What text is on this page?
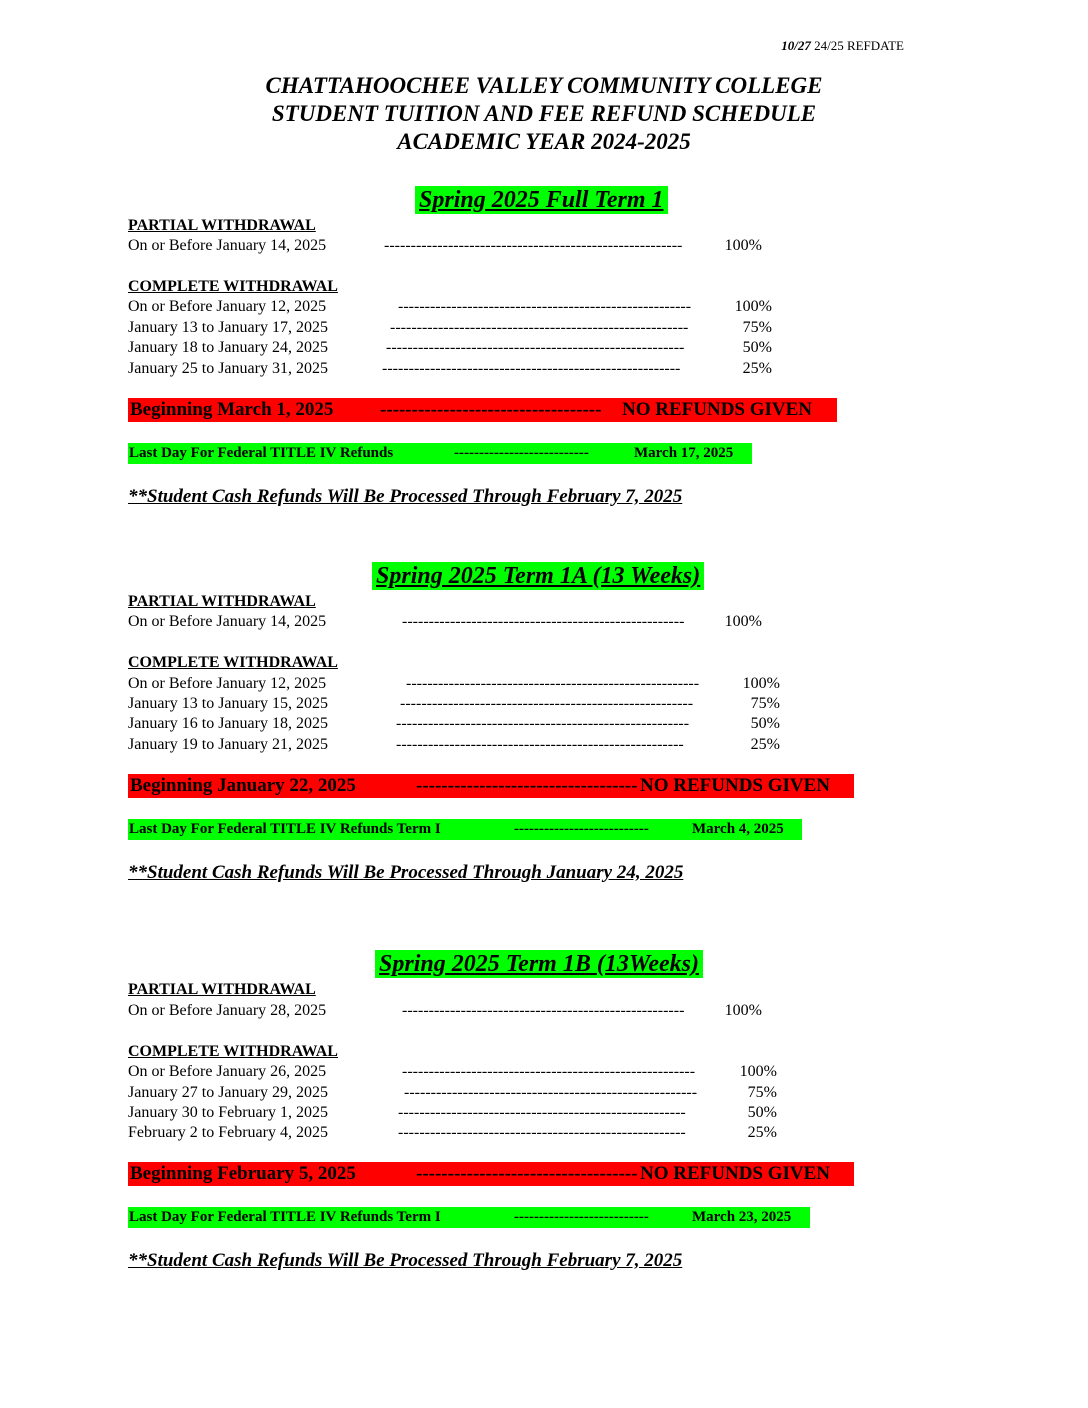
10/27 24/25 REFDATE
CHATTAHOOCHEE VALLEY COMMUNITY COLLEGE
STUDENT TUITION AND FEE REFUND SCHEDULE
ACADEMIC YEAR 2024-2025
Spring 2025 Full Term 1
PARTIAL WITHDRAWAL
On or Before January 14, 2025	--------------------------------------------------------	100%
COMPLETE WITHDRAWAL
On or Before January 12, 2025	-------------------------------------------------------	100%
January 13 to January 17, 2025	--------------------------------------------------------	75%
January 18 to January 24, 2025	--------------------------------------------------------	50%
January 25 to January 31, 2025	--------------------------------------------------------	25%
Beginning March 1, 2025 ----------------------------------- NO REFUNDS GIVEN
Last Day For Federal TITLE IV Refunds	---------------------------	March 17, 2025
**Student Cash Refunds Will Be Processed Through February 7, 2025
Spring 2025 Term 1A (13 Weeks)
PARTIAL WITHDRAWAL
On or Before January 14, 2025	-----------------------------------------------------	100%
COMPLETE WITHDRAWAL
On or Before January 12, 2025	-------------------------------------------------------	100%
January 13 to January 15, 2025	-------------------------------------------------------	75%
January 16 to January 18, 2025	-------------------------------------------------------	50%
January 19 to January 21, 2025	------------------------------------------------------	25%
Beginning January 22, 2025	----------------------------------- NO REFUNDS GIVEN
Last Day For Federal TITLE IV Refunds Term I	---------------------------	March 4, 2025
**Student Cash Refunds Will Be Processed Through January 24, 2025
Spring 2025 Term 1B (13Weeks)
PARTIAL WITHDRAWAL
On or Before January 28, 2025	-----------------------------------------------------	100%
COMPLETE WITHDRAWAL
On or Before January 26, 2025	-------------------------------------------------------	100%
January 27 to January 29, 2025	-------------------------------------------------------	75%
January 30 to February 1, 2025	------------------------------------------------------	50%
February 2 to February 4, 2025	------------------------------------------------------	25%
Beginning February 5, 2025	----------------------------------- NO REFUNDS GIVEN
Last Day For Federal TITLE IV Refunds Term I	---------------------------	March 23, 2025
**Student Cash Refunds Will Be Processed Through February 7, 2025
